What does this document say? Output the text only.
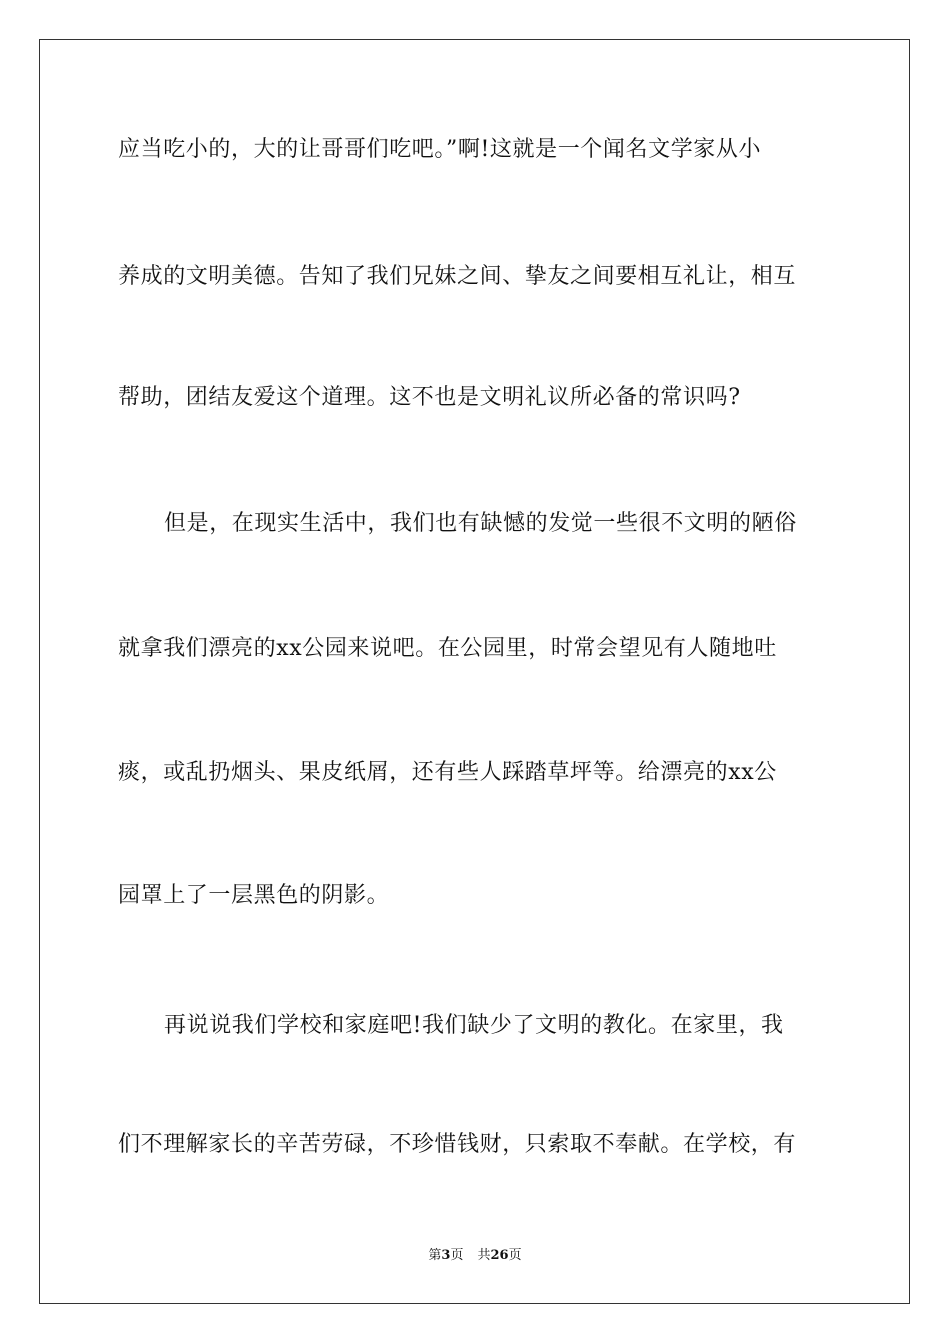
应当吃小的，大的让哥哥们吃吧。”啊!这就是一个闻名文学家从小
养成的文明美德。告知了我们兄妹之间、挚友之间要相互礼让，相互
帮助，团结友爱这个道理。这不也是文明礼议所必备的常识吗?
但是，在现实生活中，我们也有缺憾的发觉一些很不文明的陋俗
就拿我们漂亮的xx公园来说吧。在公园里，时常会望见有人随地吐
痰，或乱扔烟头、果皮纸屑，还有些人踩踏草坪等。给漂亮的xx公
园罩上了一层黑色的阴影。
再说说我们学校和家庭吧!我们缺少了文明的教化。在家里，我
们不理解家长的辛苦劳碌，不珍惜钱财，只索取不奉献。在学校，有
第3页 共26页
